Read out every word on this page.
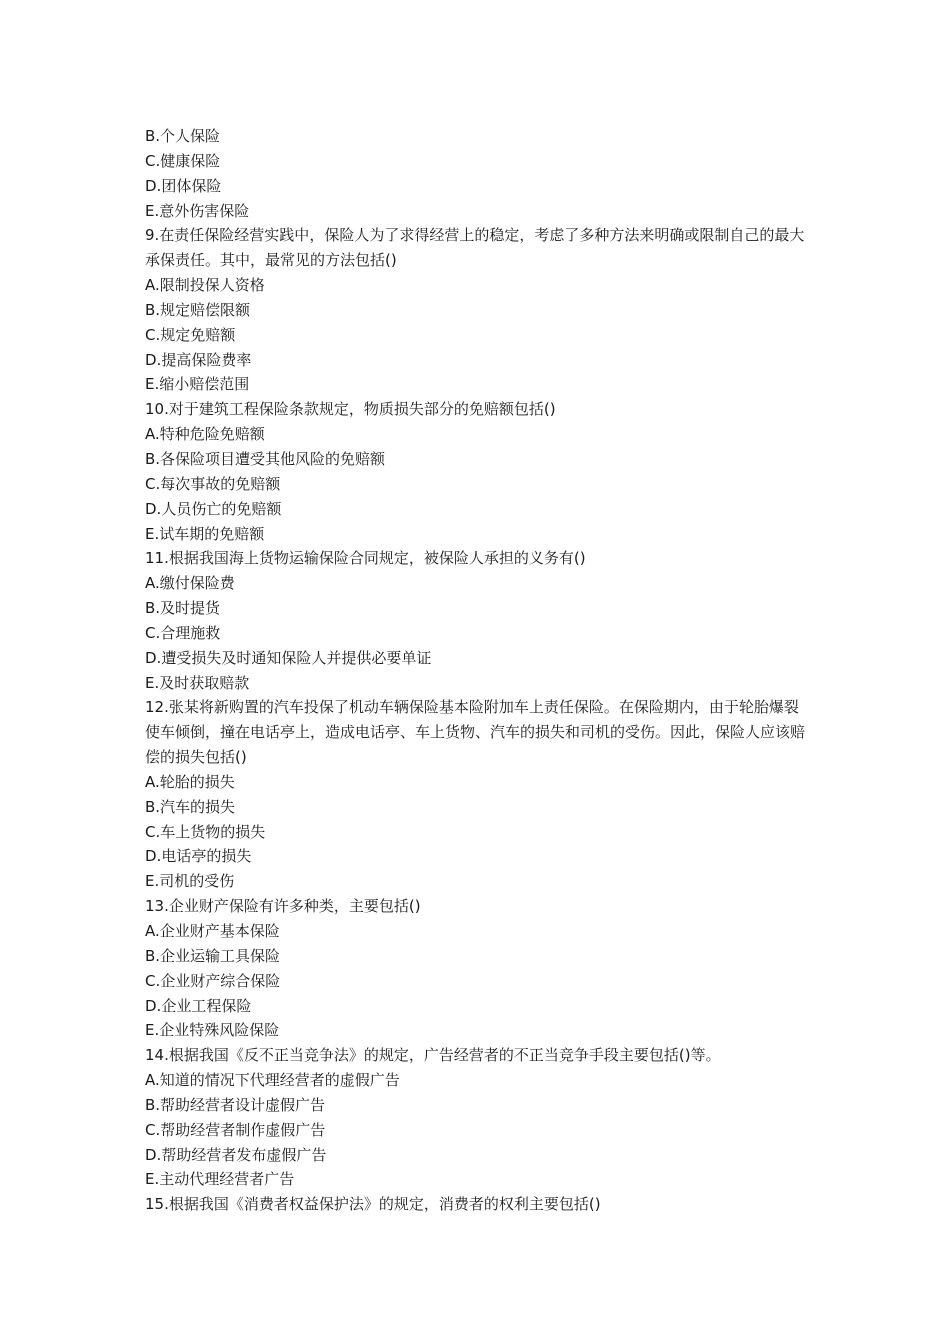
B.个人保险
C.健康保险
D.团体保险
E.意外伤害保险
9.在责任保险经营实践中，保险人为了求得经营上的稳定，考虑了多种方法来明确或限制自己的最大承保责任。其中，最常见的方法包括()
A.限制投保人资格
B.规定赔偿限额
C.规定免赔额
D.提高保险费率
E.缩小赔偿范围
10.对于建筑工程保险条款规定，物质损失部分的免赔额包括()
A.特种危险免赔额
B.各保险项目遭受其他风险的免赔额
C.每次事故的免赔额
D.人员伤亡的免赔额
E.试车期的免赔额
11.根据我国海上货物运输保险合同规定，被保险人承担的义务有()
A.缴付保险费
B.及时提货
C.合理施救
D.遭受损失及时通知保险人并提供必要单证
E.及时获取赔款
12.张某将新购置的汽车投保了机动车辆保险基本险附加车上责任保险。在保险期内，由于轮胎爆裂使车倾倒，撞在电话亭上，造成电话亭、车上货物、汽车的损失和司机的受伤。因此，保险人应该赔偿的损失包括()
A.轮胎的损失
B.汽车的损失
C.车上货物的损失
D.电话亭的损失
E.司机的受伤
13.企业财产保险有许多种类，主要包括()
A.企业财产基本保险
B.企业运输工具保险
C.企业财产综合保险
D.企业工程保险
E.企业特殊风险保险
14.根据我国《反不正当竞争法》的规定，广告经营者的不正当竞争手段主要包括()等。
A.知道的情况下代理经营者的虚假广告
B.帮助经营者设计虚假广告
C.帮助经营者制作虚假广告
D.帮助经营者发布虚假广告
E.主动代理经营者广告
15.根据我国《消费者权益保护法》的规定，消费者的权利主要包括()
